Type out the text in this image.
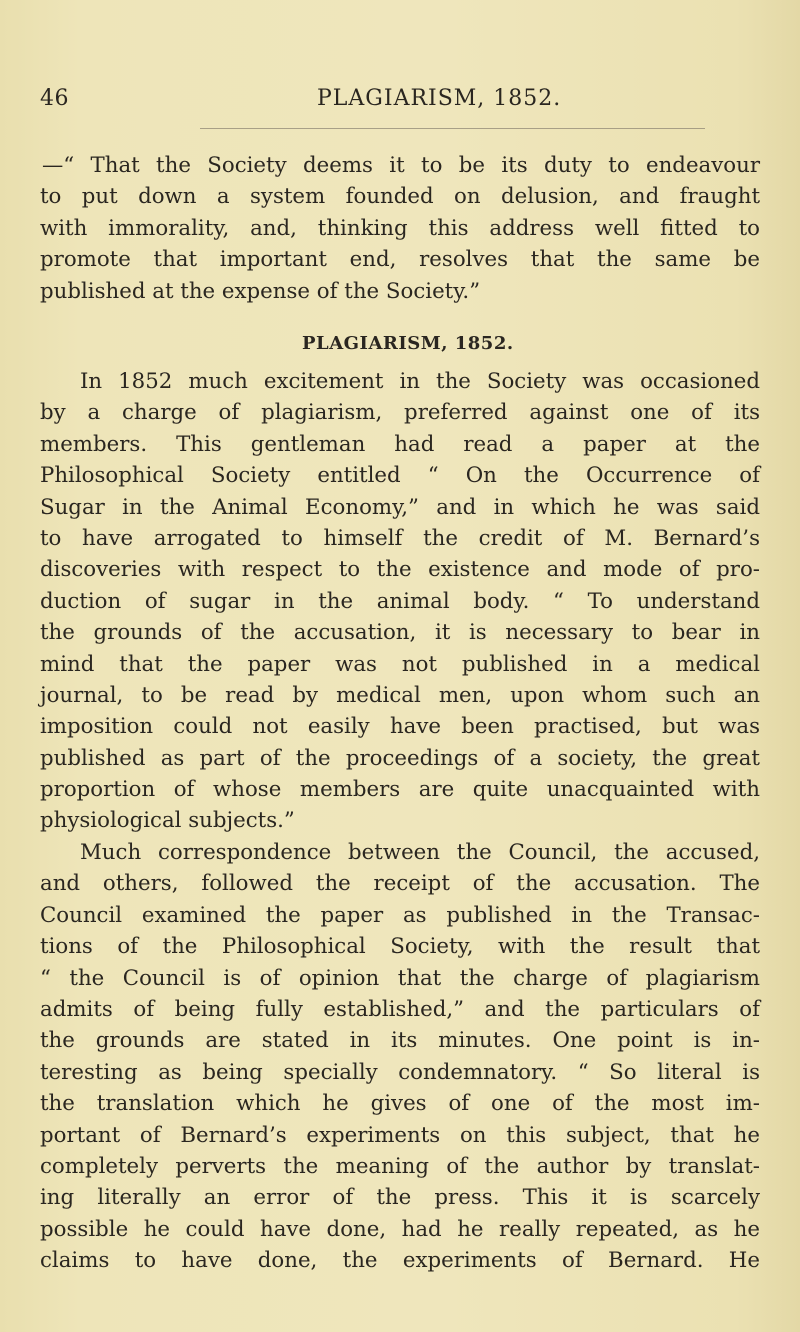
46	PLAGIARISM, 1852.
—“ That the Society deems it to be its duty to endeavour
to put down a system founded on delusion, and fraught
with immorality, and, thinking this address well fitted to
promote that important end, resolves that the same be
published at the expense of the Society.”
PLAGIARISM, 1852.
In 1852 much excitement in the Society was occasioned
by a charge of plagiarism, preferred against one of its
members. This gentleman had read a paper at the
Philosophical Society entitled “ On the Occurrence of
Sugar in the Animal Economy,” and in which he was said
to have arrogated to himself the credit of M. Bernard’s
discoveries with respect to the existence and mode of pro-
duction of sugar in the animal body. “ To understand
the grounds of the accusation, it is necessary to bear in
mind that the paper was not published in a medical
journal, to be read by medical men, upon whom such an
imposition could not easily have been practised, but was
published as part of the proceedings of a society, the great
proportion of whose members are quite unacquainted with
physiological subjects.”
Much correspondence between the Council, the accused,
and others, followed the receipt of the accusation. The
Council examined the paper as published in the Transac-
tions of the Philosophical Society, with the result that
“ the Council is of opinion that the charge of plagiarism
admits of being fully established,” and the particulars of
the grounds are stated in its minutes. One point is in-
teresting as being specially condemnatory. “ So literal is
the translation which he gives of one of the most im-
portant of Bernard’s experiments on this subject, that he
completely perverts the meaning of the author by translat-
ing literally an error of the press. This it is scarcely
possible he could have done, had he really repeated, as he
claims to have done, the experiments of Bernard. He
